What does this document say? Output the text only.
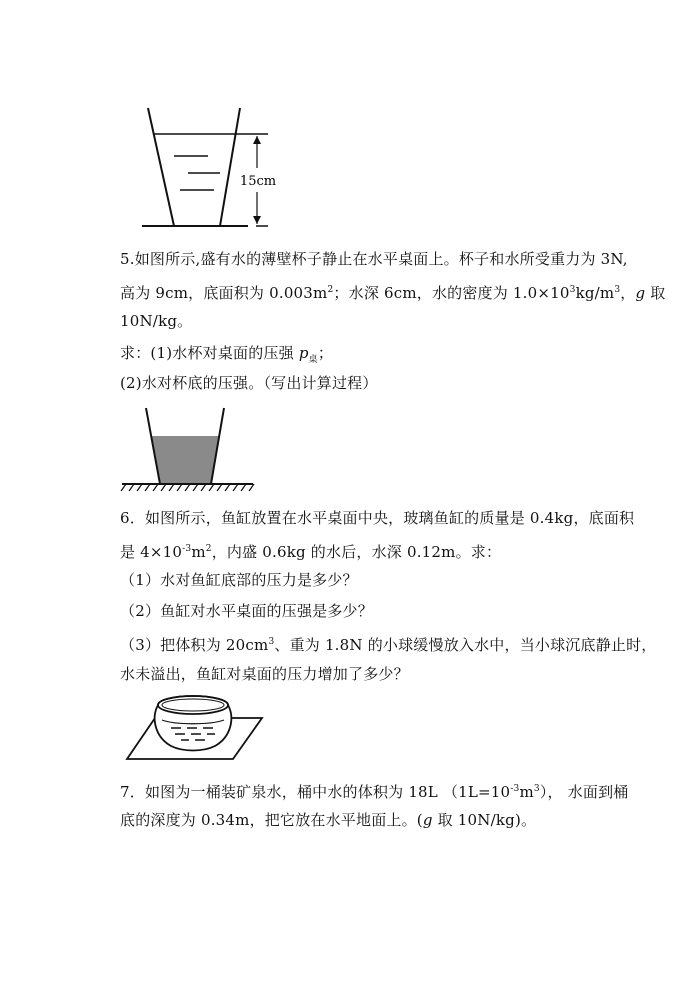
15cm
5.如图所示,盛有水的薄壁杯子静止在水平桌面上。杯子和水所受重力为 3N,
高为 9cm，底面积为 $0.003m^2$；水深 6cm，水的密度为 $1.0\times 10^3kg/m^3$，g 取
10N/kg。
求：(1)水杯对桌面的压强 $p_桌$；
(2)水对杯底的压强。（写出计算过程）
6．如图所示，鱼缸放置在水平桌面中央，玻璃鱼缸的质量是 0.4kg，底面积
是 $4\times 10^{-3}m^2$，内盛 0.6kg 的水后，水深 0.12m。求：
（1）水对鱼缸底部的压力是多少？
（2）鱼缸对水平桌面的压强是多少？
（3）把体积为 $20cm^3$、重为 1.8N 的小球缓慢放入水中，当小球沉底静止时，
水未溢出，鱼缸对桌面的压力增加了多少？
7．如图为一桶装矿泉水，桶中水的体积为 18L $(1L=10^{-3}m^3)$， 水面到桶
底的深度为 0.34m，把它放在水平地面上。(g 取 10N/kg)。
